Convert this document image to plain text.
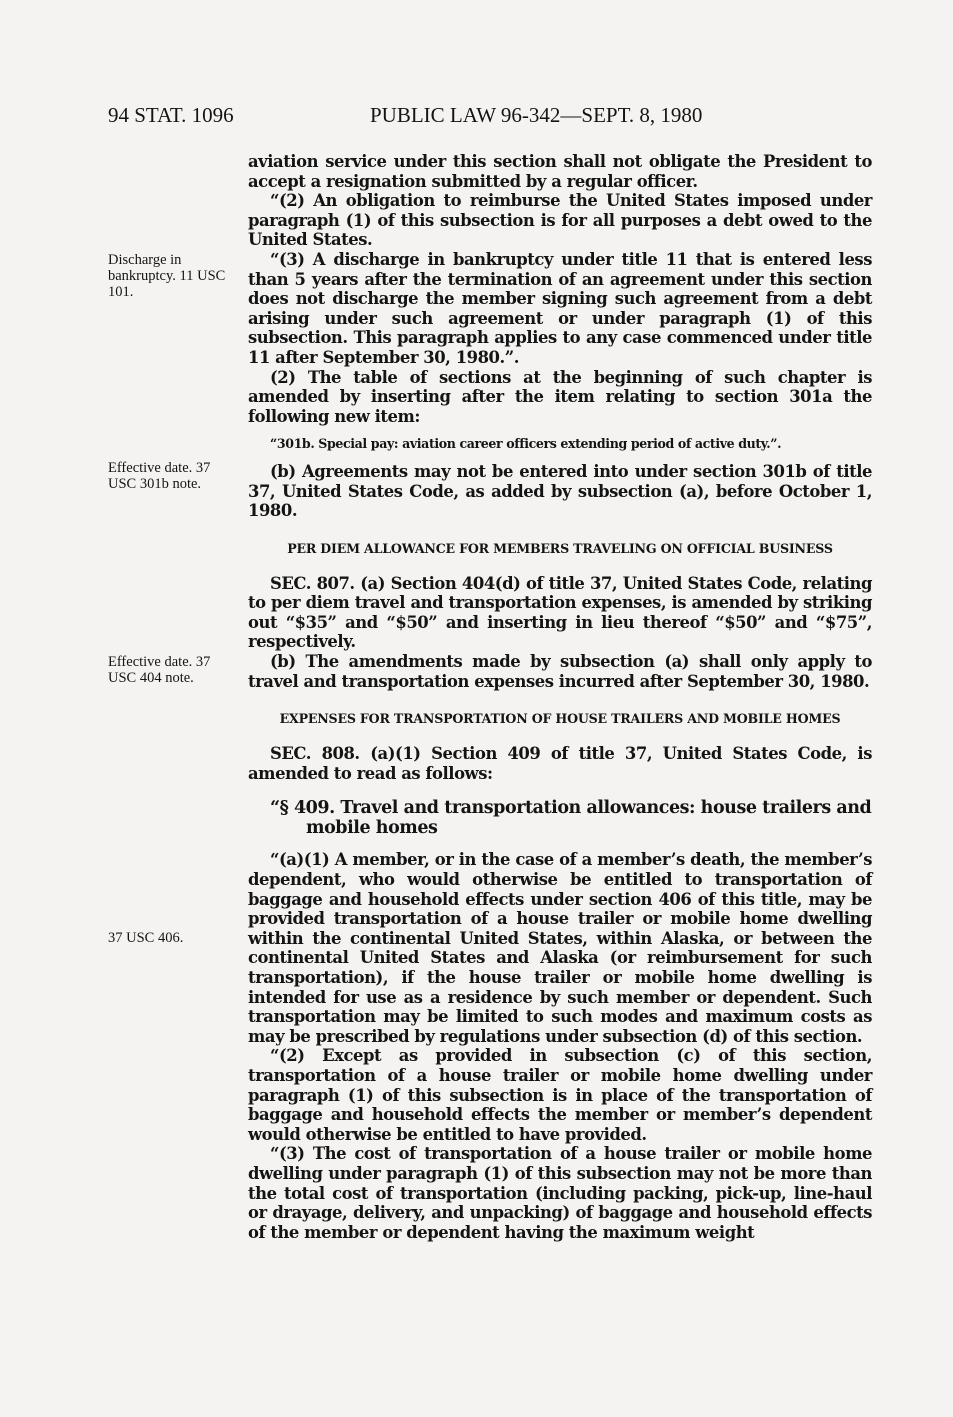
94 STAT. 1096	PUBLIC LAW 96-342—SEPT. 8, 1980
Discharge in bankruptcy. 11 USC 101.
Effective date. 37 USC 301b note.
Effective date. 37 USC 404 note.
37 USC 406.

aviation service under this section shall not obligate the President to accept a resignation submitted by a regular officer.

“(2) An obligation to reimburse the United States imposed under paragraph (1) of this subsection is for all purposes a debt owed to the United States.

“(3) A discharge in bankruptcy under title 11 that is entered less than 5 years after the termination of an agreement under this section does not discharge the member signing such agreement from a debt arising under such agreement or under paragraph (1) of this subsection. This paragraph applies to any case commenced under title 11 after September 30, 1980.”.

(2) The table of sections at the beginning of such chapter is amended by inserting after the item relating to section 301a the following new item:

“301b. Special pay: aviation career officers extending period of active duty.”.

(b) Agreements may not be entered into under section 301b of title 37, United States Code, as added by subsection (a), before October 1, 1980.

PER DIEM ALLOWANCE FOR MEMBERS TRAVELING ON OFFICIAL BUSINESS

SEC. 807. (a) Section 404(d) of title 37, United States Code, relating to per diem travel and transportation expenses, is amended by striking out “$35” and “$50” and inserting in lieu thereof “$50” and “$75”, respectively.

(b) The amendments made by subsection (a) shall only apply to travel and transportation expenses incurred after September 30, 1980.

EXPENSES FOR TRANSPORTATION OF HOUSE TRAILERS AND MOBILE HOMES

SEC. 808. (a)(1) Section 409 of title 37, United States Code, is amended to read as follows:

“§ 409. Travel and transportation allowances: house trailers and
mobile homes

“(a)(1) A member, or in the case of a member’s death, the member’s dependent, who would otherwise be entitled to transportation of baggage and household effects under section 406 of this title, may be provided transportation of a house trailer or mobile home dwelling within the continental United States, within Alaska, or between the continental United States and Alaska (or reimbursement for such transportation), if the house trailer or mobile home dwelling is intended for use as a residence by such member or dependent. Such transportation may be limited to such modes and maximum costs as may be prescribed by regulations under subsection (d) of this section.

“(2) Except as provided in subsection (c) of this section, transportation of a house trailer or mobile home dwelling under paragraph (1) of this subsection is in place of the transportation of baggage and household effects the member or member’s dependent would otherwise be entitled to have provided.

“(3) The cost of transportation of a house trailer or mobile home dwelling under paragraph (1) of this subsection may not be more than the total cost of transportation (including packing, pick-up, line-haul or drayage, delivery, and unpacking) of baggage and household effects of the member or dependent having the maximum weight
